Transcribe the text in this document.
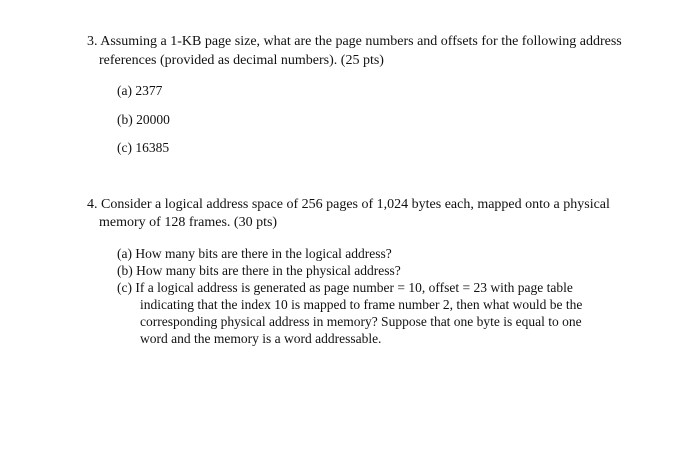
3. Assuming a 1-KB page size, what are the page numbers and offsets for the following address
references (provided as decimal numbers). (25 pts)
(a) 2377
(b) 20000
(c) 16385
4. Consider a logical address space of 256 pages of 1,024 bytes each, mapped onto a physical
memory of 128 frames. (30 pts)
(a) How many bits are there in the logical address?
(b) How many bits are there in the physical address?
(c) If a logical address is generated as page number = 10, offset = 23 with page table
indicating that the index 10 is mapped to frame number 2, then what would be the
corresponding physical address in memory? Suppose that one byte is equal to one
word and the memory is a word addressable.
